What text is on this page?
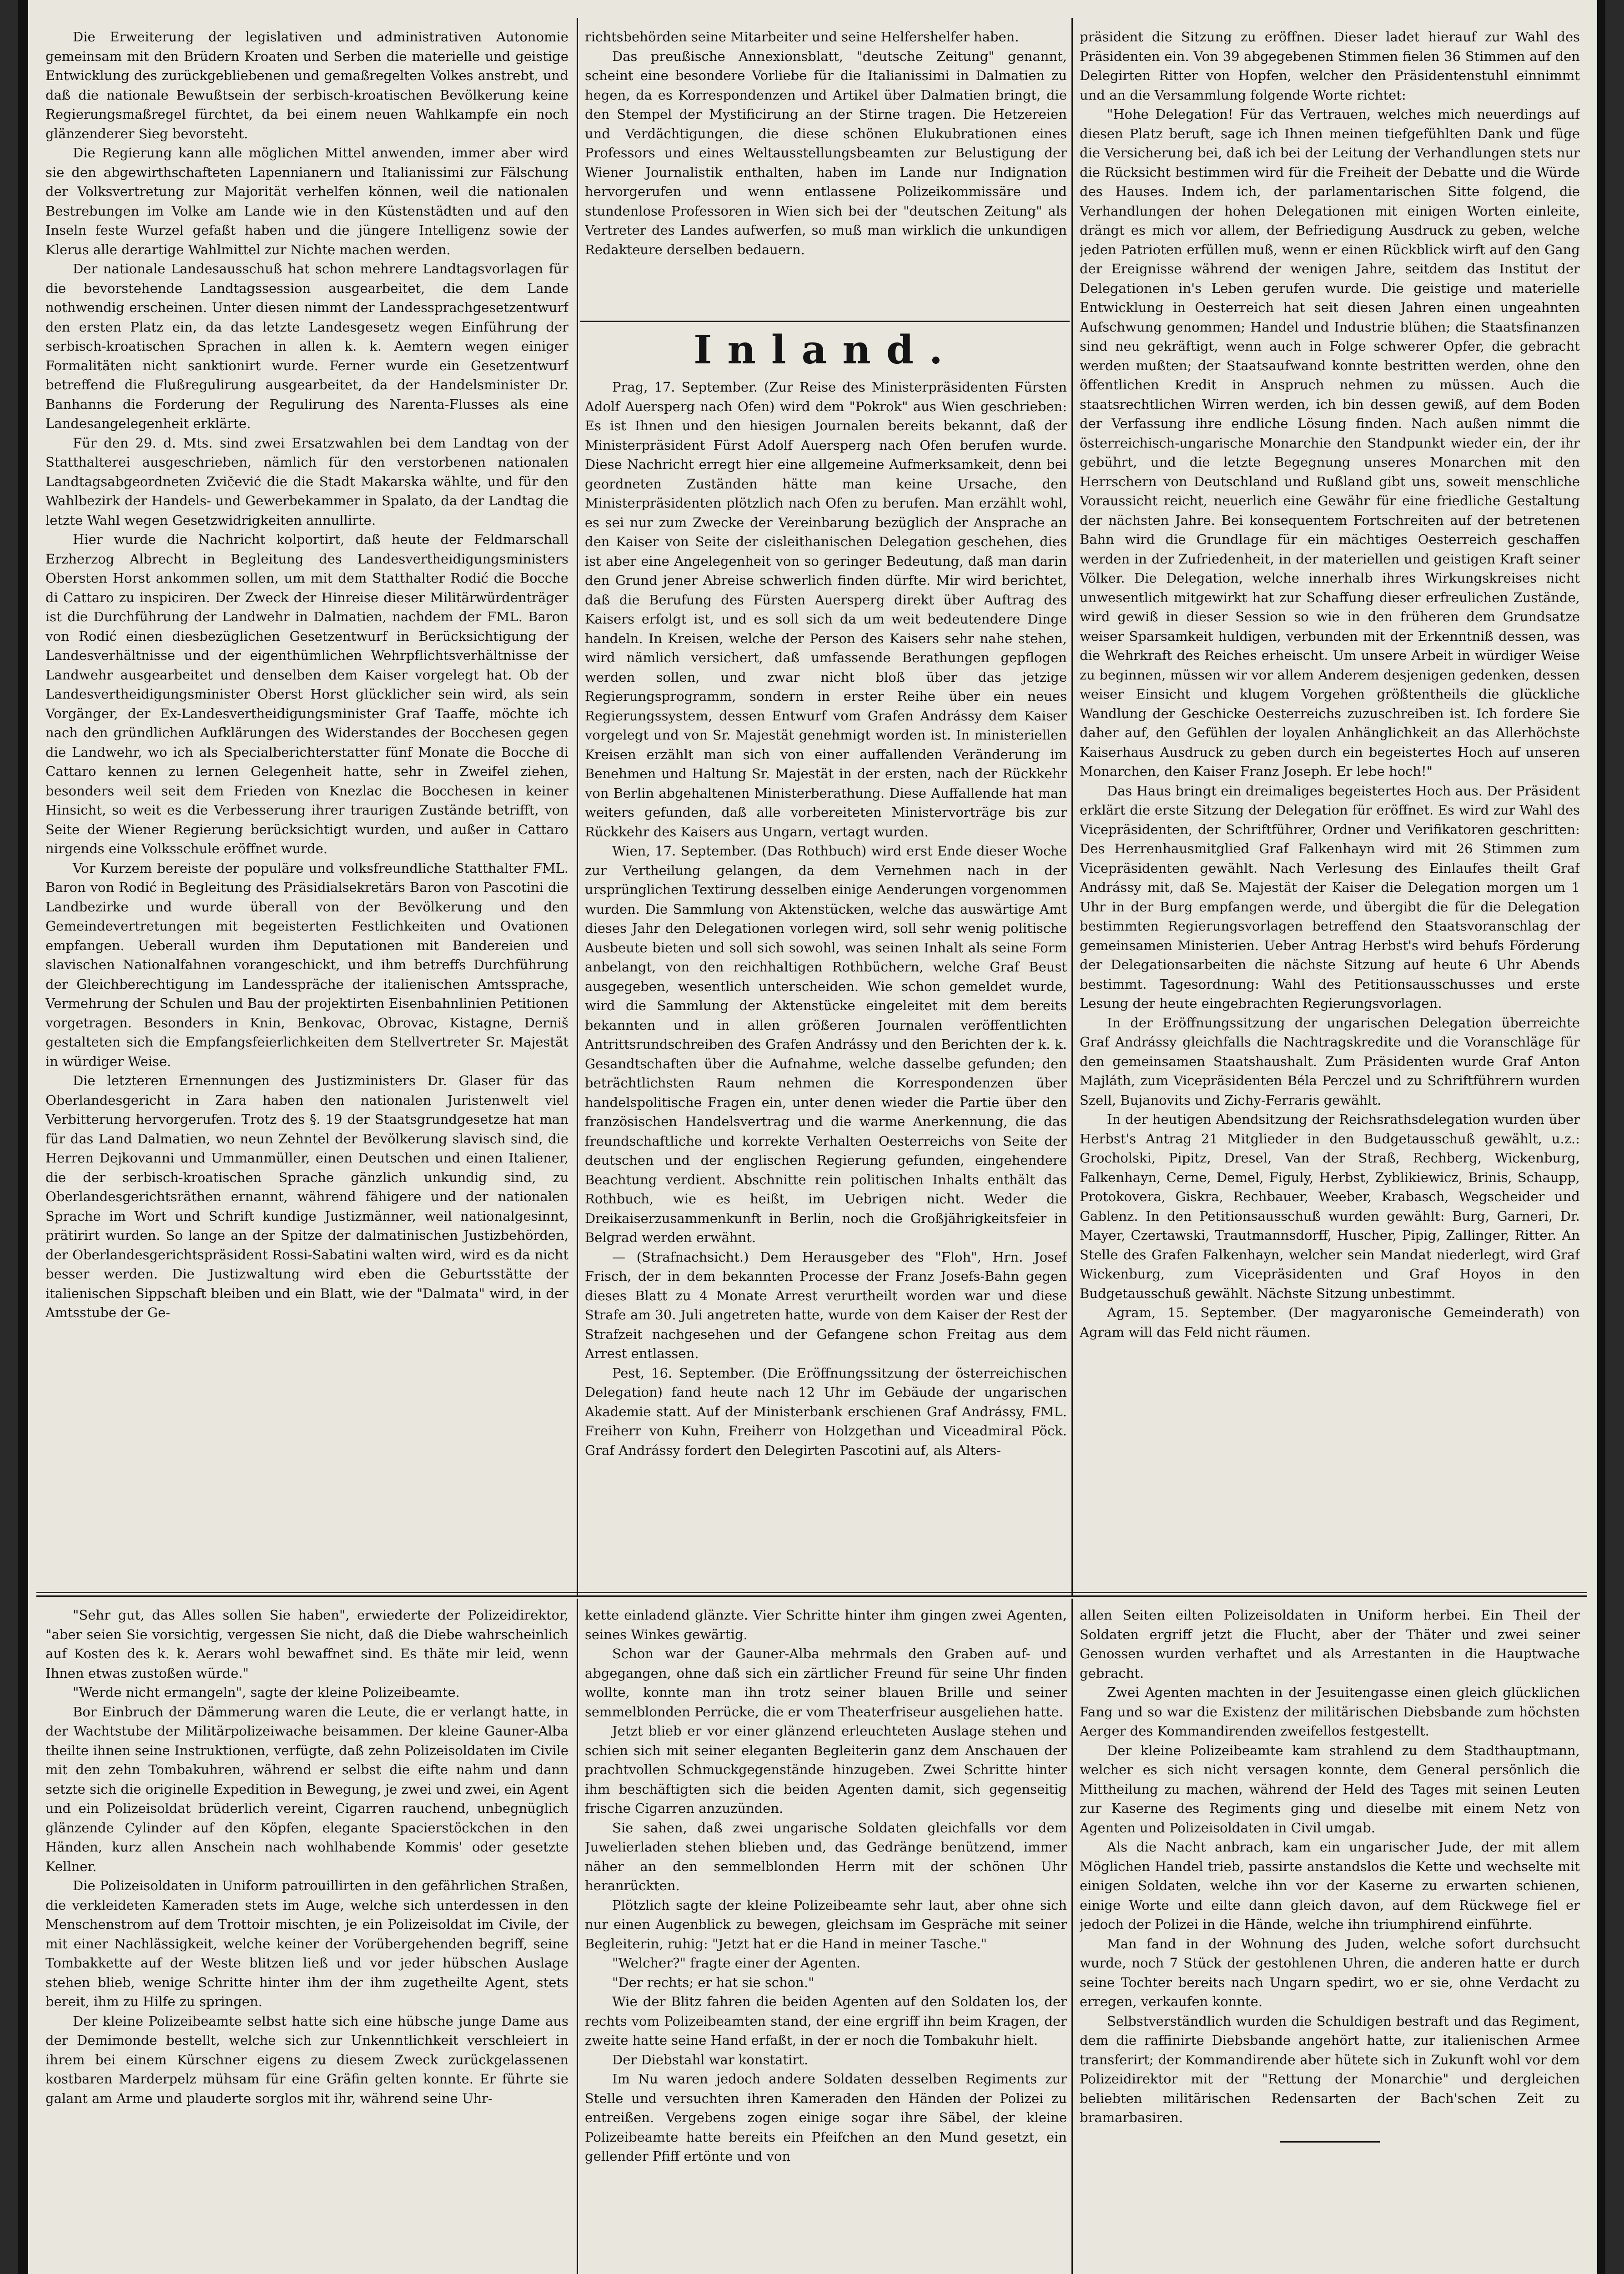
Die Erweiterung der legislativen und administrativen Autonomie gemeinsam mit den Brüdern Kroaten und Serben die materielle und geistige Entwicklung des zurückgebliebenen und gemaßregelten Volkes anstrebt, und daß die nationale Bewußtsein der serbisch-kroatischen Bevölkerung keine Regierungsmaßregel fürchtet, da bei einem neuen Wahlkampfe ein noch glänzenderer Sieg bevorsteht.

Die Regierung kann alle möglichen Mittel anwenden, immer aber wird sie den abgewirthschafteten Lapennianern und Italianissimi zur Fälschung der Volksvertretung zur Majorität verhelfen können, weil die nationalen Bestrebungen im Volke am Lande wie in den Küstenstädten und auf den Inseln feste Wurzel gefaßt haben und die jüngere Intelligenz sowie der Klerus alle derartige Wahlmittel zur Nichte machen werden.

Der nationale Landesausschuß hat schon mehrere Landtagsvorlagen für die bevorstehende Landtagssession ausgearbeitet, die dem Lande nothwendig erscheinen. Unter diesen nimmt der Landessprachgesetzentwurf den ersten Platz ein, da das letzte Landesgesetz wegen Einführung der serbisch-kroatischen Sprachen in allen k. k. Aemtern wegen einiger Formalitäten nicht sanktionirt wurde. Ferner wurde ein Gesetzentwurf betreffend die Flußregulirung ausgearbeitet, da der Handelsminister Dr. Banhanns die Forderung der Regulirung des Narenta-Flusses als eine Landesangelegenheit erklärte.

Für den 29. d. Mts. sind zwei Ersatzwahlen bei dem Landtag von der Statthalterei ausgeschrieben, nämlich für den verstorbenen nationalen Landtagsabgeordneten Zvičević die die Stadt Makarska wählte, und für den Wahlbezirk der Handels- und Gewerbekammer in Spalato, da der Landtag die letzte Wahl wegen Gesetzwidrigkeiten annullirte.

Hier wurde die Nachricht kolportirt, daß heute der Feldmarschall Erzherzog Albrecht in Begleitung des Landesvertheidigungsministers Obersten Horst ankommen sollen, um mit dem Statthalter Rodić die Bocche di Cattaro zu inspiciren. Der Zweck der Hinreise dieser Militärwürdenträger ist die Durchführung der Landwehr in Dalmatien, nachdem der FML. Baron von Rodić einen diesbezüglichen Gesetzentwurf in Berücksichtigung der Landesverhältnisse und der eigenthümlichen Wehrpflichtsverhältnisse der Landwehr ausgearbeitet und denselben dem Kaiser vorgelegt hat. Ob der Landesvertheidigungsminister Oberst Horst glücklicher sein wird, als sein Vorgänger, der Ex-Landesvertheidigungsminister Graf Taaffe, möchte ich nach den gründlichen Aufklärungen des Widerstandes der Bocchesen gegen die Landwehr, wo ich als Specialberichterstatter fünf Monate die Bocche di Cattaro kennen zu lernen Gelegenheit hatte, sehr in Zweifel ziehen, besonders weil seit dem Frieden von Knezlac die Bocchesen in keiner Hinsicht, so weit es die Verbesserung ihrer traurigen Zustände betrifft, von Seite der Wiener Regierung berücksichtigt wurden, und außer in Cattaro nirgends eine Volksschule eröffnet wurde.

Vor Kurzem bereiste der populäre und volksfreundliche Statthalter FML. Baron von Rodić in Begleitung des Präsidialsekretärs Baron von Pascotini die Landbezirke und wurde überall von der Bevölkerung und den Gemeindevertretungen mit begeisterten Festlichkeiten und Ovationen empfangen. Ueberall wurden ihm Deputationen mit Bandereien und slavischen Nationalfahnen vorangeschickt, und ihm betreffs Durchführung der Gleichberechtigung im Landesspräche der italienischen Amtssprache, Vermehrung der Schulen und Bau der projektirten Eisenbahnlinien Petitionen vorgetragen. Besonders in Knin, Benkovac, Obrovac, Kistagne, Derniš gestalteten sich die Empfangsfeierlichkeiten dem Stellvertreter Sr. Majestät in würdiger Weise.

Die letzteren Ernennungen des Justizministers Dr. Glaser für das Oberlandesgericht in Zara haben den nationalen Juristenwelt viel Verbitterung hervorgerufen. Trotz des §. 19 der Staatsgrundgesetze hat man für das Land Dalmatien, wo neun Zehntel der Bevölkerung slavisch sind, die Herren Dejkovanni und Ummanmüller, einen Deutschen und einen Italiener, die der serbisch-kroatischen Sprache gänzlich unkundig sind, zu Oberlandesgerichtsräthen ernannt, während fähigere und der nationalen Sprache im Wort und Schrift kundige Justizmänner, weil nationalgesinnt, prätirirt wurden. So lange an der Spitze der dalmatinischen Justizbehörden, der Oberlandesgerichtspräsident Rossi-Sabatini walten wird, wird es da nicht besser werden. Die Justizwaltung wird eben die Geburtsstätte der italienischen Sippschaft bleiben und ein Blatt, wie der "Dalmata" wird, in der Amtsstube der Ge-

richtsbehörden seine Mitarbeiter und seine Helfershelfer haben.

Das preußische Annexionsblatt, "deutsche Zeitung" genannt, scheint eine besondere Vorliebe für die Italianissimi in Dalmatien zu hegen, da es Korrespondenzen und Artikel über Dalmatien bringt, die den Stempel der Mystificirung an der Stirne tragen. Die Hetzereien und Verdächtigungen, die diese schönen Elukubrationen eines Professors und eines Weltausstellungsbeamten zur Belustigung der Wiener Journalistik enthalten, haben im Lande nur Indignation hervorgerufen und wenn entlassene Polizeikommissäre und stundenlose Professoren in Wien sich bei der "deutschen Zeitung" als Vertreter des Landes aufwerfen, so muß man wirklich die unkundigen Redakteure derselben bedauern.

Inland.

Prag, 17. September. (Zur Reise des Ministerpräsidenten Fürsten Adolf Auersperg nach Ofen) wird dem "Pokrok" aus Wien geschrieben: Es ist Ihnen und den hiesigen Journalen bereits bekannt, daß der Ministerpräsident Fürst Adolf Auersperg nach Ofen berufen wurde. Diese Nachricht erregt hier eine allgemeine Aufmerksamkeit, denn bei geordneten Zuständen hätte man keine Ursache, den Ministerpräsidenten plötzlich nach Ofen zu berufen. Man erzählt wohl, es sei nur zum Zwecke der Vereinbarung bezüglich der Ansprache an den Kaiser von Seite der cisleithanischen Delegation geschehen, dies ist aber eine Angelegenheit von so geringer Bedeutung, daß man darin den Grund jener Abreise schwerlich finden dürfte. Mir wird berichtet, daß die Berufung des Fürsten Auersperg direkt über Auftrag des Kaisers erfolgt ist, und es soll sich da um weit bedeutendere Dinge handeln. In Kreisen, welche der Person des Kaisers sehr nahe stehen, wird nämlich versichert, daß umfassende Berathungen gepflogen werden sollen, und zwar nicht bloß über das jetzige Regierungsprogramm, sondern in erster Reihe über ein neues Regierungssystem, dessen Entwurf vom Grafen Andrássy dem Kaiser vorgelegt und von Sr. Majestät genehmigt worden ist. In ministeriellen Kreisen erzählt man sich von einer auffallenden Veränderung im Benehmen und Haltung Sr. Majestät in der ersten, nach der Rückkehr von Berlin abgehaltenen Ministerberathung. Diese Auffallende hat man weiters gefunden, daß alle vorbereiteten Ministervorträge bis zur Rückkehr des Kaisers aus Ungarn, vertagt wurden.

Wien, 17. September. (Das Rothbuch) wird erst Ende dieser Woche zur Vertheilung gelangen, da dem Vernehmen nach in der ursprünglichen Textirung desselben einige Aenderungen vorgenommen wurden. Die Sammlung von Aktenstücken, welche das auswärtige Amt dieses Jahr den Delegationen vorlegen wird, soll sehr wenig politische Ausbeute bieten und soll sich sowohl, was seinen Inhalt als seine Form anbelangt, von den reichhaltigen Rothbüchern, welche Graf Beust ausgegeben, wesentlich unterscheiden. Wie schon gemeldet wurde, wird die Sammlung der Aktenstücke eingeleitet mit dem bereits bekannten und in allen größeren Journalen veröffentlichten Antrittsrundschreiben des Grafen Andrássy und den Berichten der k. k. Gesandtschaften über die Aufnahme, welche dasselbe gefunden; den beträchtlichsten Raum nehmen die Korrespondenzen über handelspolitische Fragen ein, unter denen wieder die Partie über den französischen Handelsvertrag und die warme Anerkennung, die das freundschaftliche und korrekte Verhalten Oesterreichs von Seite der deutschen und der englischen Regierung gefunden, eingehendere Beachtung verdient. Abschnitte rein politischen Inhalts enthält das Rothbuch, wie es heißt, im Uebrigen nicht. Weder die Dreikaiserzusammenkunft in Berlin, noch die Großjährigkeitsfeier in Belgrad werden erwähnt.

— (Strafnachsicht.) Dem Herausgeber des "Floh", Hrn. Josef Frisch, der in dem bekannten Processe der Franz Josefs-Bahn gegen dieses Blatt zu 4 Monate Arrest verurtheilt worden war und diese Strafe am 30. Juli angetreten hatte, wurde von dem Kaiser der Rest der Strafzeit nachgesehen und der Gefangene schon Freitag aus dem Arrest entlassen.

Pest, 16. September. (Die Eröffnungssitzung der österreichischen Delegation) fand heute nach 12 Uhr im Gebäude der ungarischen Akademie statt. Auf der Ministerbank erschienen Graf Andrássy, FML. Freiherr von Kuhn, Freiherr von Holzgethan und Viceadmiral Pöck. Graf Andrássy fordert den Delegirten Pascotini auf, als Alters-

präsident die Sitzung zu eröffnen. Dieser ladet hierauf zur Wahl des Präsidenten ein. Von 39 abgegebenen Stimmen fielen 36 Stimmen auf den Delegirten Ritter von Hopfen, welcher den Präsidentenstuhl einnimmt und an die Versammlung folgende Worte richtet:

"Hohe Delegation! Für das Vertrauen, welches mich neuerdings auf diesen Platz beruft, sage ich Ihnen meinen tiefgefühlten Dank und füge die Versicherung bei, daß ich bei der Leitung der Verhandlungen stets nur die Rücksicht bestimmen wird für die Freiheit der Debatte und die Würde des Hauses. Indem ich, der parlamentarischen Sitte folgend, die Verhandlungen der hohen Delegationen mit einigen Worten einleite, drängt es mich vor allem, der Befriedigung Ausdruck zu geben, welche jeden Patrioten erfüllen muß, wenn er einen Rückblick wirft auf den Gang der Ereignisse während der wenigen Jahre, seitdem das Institut der Delegationen in's Leben gerufen wurde. Die geistige und materielle Entwicklung in Oesterreich hat seit diesen Jahren einen ungeahnten Aufschwung genommen; Handel und Industrie blühen; die Staatsfinanzen sind neu gekräftigt, wenn auch in Folge schwerer Opfer, die gebracht werden mußten; der Staatsaufwand konnte bestritten werden, ohne den öffentlichen Kredit in Anspruch nehmen zu müssen. Auch die staatsrechtlichen Wirren werden, ich bin dessen gewiß, auf dem Boden der Verfassung ihre endliche Lösung finden. Nach außen nimmt die österreichisch-ungarische Monarchie den Standpunkt wieder ein, der ihr gebührt, und die letzte Begegnung unseres Monarchen mit den Herrschern von Deutschland und Rußland gibt uns, soweit menschliche Voraussicht reicht, neuerlich eine Gewähr für eine friedliche Gestaltung der nächsten Jahre. Bei konsequentem Fortschreiten auf der betretenen Bahn wird die Grundlage für ein mächtiges Oesterreich geschaffen werden in der Zufriedenheit, in der materiellen und geistigen Kraft seiner Völker. Die Delegation, welche innerhalb ihres Wirkungskreises nicht unwesentlich mitgewirkt hat zur Schaffung dieser erfreulichen Zustände, wird gewiß in dieser Session so wie in den früheren dem Grundsatze weiser Sparsamkeit huldigen, verbunden mit der Erkenntniß dessen, was die Wehrkraft des Reiches erheischt. Um unsere Arbeit in würdiger Weise zu beginnen, müssen wir vor allem Anderem desjenigen gedenken, dessen weiser Einsicht und klugem Vorgehen größtentheils die glückliche Wandlung der Geschicke Oesterreichs zuzuschreiben ist. Ich fordere Sie daher auf, den Gefühlen der loyalen Anhänglichkeit an das Allerhöchste Kaiserhaus Ausdruck zu geben durch ein begeistertes Hoch auf unseren Monarchen, den Kaiser Franz Joseph. Er lebe hoch!"

Das Haus bringt ein dreimaliges begeistertes Hoch aus. Der Präsident erklärt die erste Sitzung der Delegation für eröffnet. Es wird zur Wahl des Vicepräsidenten, der Schriftführer, Ordner und Verifikatoren geschritten: Des Herrenhausmitglied Graf Falkenhayn wird mit 26 Stimmen zum Vicepräsidenten gewählt. Nach Verlesung des Einlaufes theilt Graf Andrássy mit, daß Se. Majestät der Kaiser die Delegation morgen um 1 Uhr in der Burg empfangen werde, und übergibt die für die Delegation bestimmten Regierungsvorlagen betreffend den Staatsvoranschlag der gemeinsamen Ministerien. Ueber Antrag Herbst's wird behufs Förderung der Delegationsarbeiten die nächste Sitzung auf heute 6 Uhr Abends bestimmt. Tagesordnung: Wahl des Petitionsausschusses und erste Lesung der heute eingebrachten Regierungsvorlagen.

In der Eröffnungssitzung der ungarischen Delegation überreichte Graf Andrássy gleichfalls die Nachtragskredite und die Voranschläge für den gemeinsamen Staatshaushalt. Zum Präsidenten wurde Graf Anton Majláth, zum Vicepräsidenten Béla Perczel und zu Schriftführern wurden Szell, Bujanovits und Zichy-Ferraris gewählt.

In der heutigen Abendsitzung der Reichsrathsdelegation wurden über Herbst's Antrag 21 Mitglieder in den Budgetausschuß gewählt, u.z.: Grocholski, Pipitz, Dresel, Van der Straß, Rechberg, Wickenburg, Falkenhayn, Cerne, Demel, Figuly, Herbst, Zyblikiewicz, Brinis, Schaupp, Protokovera, Giskra, Rechbauer, Weeber, Krabasch, Wegscheider und Gablenz. In den Petitionsausschuß wurden gewählt: Burg, Garneri, Dr. Mayer, Czertawski, Trautmannsdorff, Huscher, Pipig, Zallinger, Ritter. An Stelle des Grafen Falkenhayn, welcher sein Mandat niederlegt, wird Graf Wickenburg, zum Vicepräsidenten und Graf Hoyos in den Budgetausschuß gewählt. Nächste Sitzung unbestimmt.

Agram, 15. September. (Der magyaronische Gemeinderath) von Agram will das Feld nicht räumen.

"Sehr gut, das Alles sollen Sie haben", erwiederte der Polizeidirektor, "aber seien Sie vorsichtig, vergessen Sie nicht, daß die Diebe wahrscheinlich auf Kosten des k. k. Aerars wohl bewaffnet sind. Es thäte mir leid, wenn Ihnen etwas zustoßen würde."

"Werde nicht ermangeln", sagte der kleine Polizeibeamte.

Bor Einbruch der Dämmerung waren die Leute, die er verlangt hatte, in der Wachtstube der Militärpolizeiwache beisammen. Der kleine Gauner-Alba theilte ihnen seine Instruktionen, verfügte, daß zehn Polizeisoldaten im Civile mit den zehn Tombakuhren, während er selbst die eifte nahm und dann setzte sich die originelle Expedition in Bewegung, je zwei und zwei, ein Agent und ein Polizeisoldat brüderlich vereint, Cigarren rauchend, unbegnüglich glänzende Cylinder auf den Köpfen, elegante Spacierstöckchen in den Händen, kurz allen Anschein nach wohlhabende Kommis' oder gesetzte Kellner.

Die Polizeisoldaten in Uniform patrouillirten in den gefährlichen Straßen, die verkleideten Kameraden stets im Auge, welche sich unterdessen in den Menschenstrom auf dem Trottoir mischten, je ein Polizeisoldat im Civile, der mit einer Nachlässigkeit, welche keiner der Vorübergehenden begriff, seine Tombakkette auf der Weste blitzen ließ und vor jeder hübschen Auslage stehen blieb, wenige Schritte hinter ihm der ihm zugetheilte Agent, stets bereit, ihm zu Hilfe zu springen.

Der kleine Polizeibeamte selbst hatte sich eine hübsche junge Dame aus der Demimonde bestellt, welche sich zur Unkenntlichkeit verschleiert in ihrem bei einem Kürschner eigens zu diesem Zweck zurückgelassenen kostbaren Marderpelz mühsam für eine Gräfin gelten konnte. Er führte sie galant am Arme und plauderte sorglos mit ihr, während seine Uhr-

kette einladend glänzte. Vier Schritte hinter ihm gingen zwei Agenten, seines Winkes gewärtig.

Schon war der Gauner-Alba mehrmals den Graben auf- und abgegangen, ohne daß sich ein zärtlicher Freund für seine Uhr finden wollte, konnte man ihn trotz seiner blauen Brille und seiner semmelblonden Perrücke, die er vom Theaterfriseur ausgeliehen hatte.

Jetzt blieb er vor einer glänzend erleuchteten Auslage stehen und schien sich mit seiner eleganten Begleiterin ganz dem Anschauen der prachtvollen Schmuckgegenstände hinzugeben. Zwei Schritte hinter ihm beschäftigten sich die beiden Agenten damit, sich gegenseitig frische Cigarren anzuzünden.

Sie sahen, daß zwei ungarische Soldaten gleichfalls vor dem Juwelierladen stehen blieben und, das Gedränge benützend, immer näher an den semmelblonden Herrn mit der schönen Uhr heranrückten.

Plötzlich sagte der kleine Polizeibeamte sehr laut, aber ohne sich nur einen Augenblick zu bewegen, gleichsam im Gespräche mit seiner Begleiterin, ruhig: "Jetzt hat er die Hand in meiner Tasche."

"Welcher?" fragte einer der Agenten.

"Der rechts; er hat sie schon."

Wie der Blitz fahren die beiden Agenten auf den Soldaten los, der rechts vom Polizeibeamten stand, der eine ergriff ihn beim Kragen, der zweite hatte seine Hand erfaßt, in der er noch die Tombakuhr hielt.

Der Diebstahl war konstatirt.

Im Nu waren jedoch andere Soldaten desselben Regiments zur Stelle und versuchten ihren Kameraden den Händen der Polizei zu entreißen. Vergebens zogen einige sogar ihre Säbel, der kleine Polizeibeamte hatte bereits ein Pfeifchen an den Mund gesetzt, ein gellender Pfiff ertönte und von

allen Seiten eilten Polizeisoldaten in Uniform herbei. Ein Theil der Soldaten ergriff jetzt die Flucht, aber der Thäter und zwei seiner Genossen wurden verhaftet und als Arrestanten in die Hauptwache gebracht.

Zwei Agenten machten in der Jesuitengasse einen gleich glücklichen Fang und so war die Existenz der militärischen Diebsbande zum höchsten Aerger des Kommandirenden zweifellos festgestellt.

Der kleine Polizeibeamte kam strahlend zu dem Stadthauptmann, welcher es sich nicht versagen konnte, dem General persönlich die Mittheilung zu machen, während der Held des Tages mit seinen Leuten zur Kaserne des Regiments ging und dieselbe mit einem Netz von Agenten und Polizeisoldaten in Civil umgab.

Als die Nacht anbrach, kam ein ungarischer Jude, der mit allem Möglichen Handel trieb, passirte anstandslos die Kette und wechselte mit einigen Soldaten, welche ihn vor der Kaserne zu erwarten schienen, einige Worte und eilte dann gleich davon, auf dem Rückwege fiel er jedoch der Polizei in die Hände, welche ihn triumphirend einführte.

Man fand in der Wohnung des Juden, welche sofort durchsucht wurde, noch 7 Stück der gestohlenen Uhren, die anderen hatte er durch seine Tochter bereits nach Ungarn spedirt, wo er sie, ohne Verdacht zu erregen, verkaufen konnte.

Selbstverständlich wurden die Schuldigen bestraft und das Regiment, dem die raffinirte Diebsbande angehört hatte, zur italienischen Armee transferirt; der Kommandirende aber hütete sich in Zukunft wohl vor dem Polizeidirektor mit der "Rettung der Monarchie" und dergleichen beliebten militärischen Redensarten der Bach'schen Zeit zu bramarbasiren.
